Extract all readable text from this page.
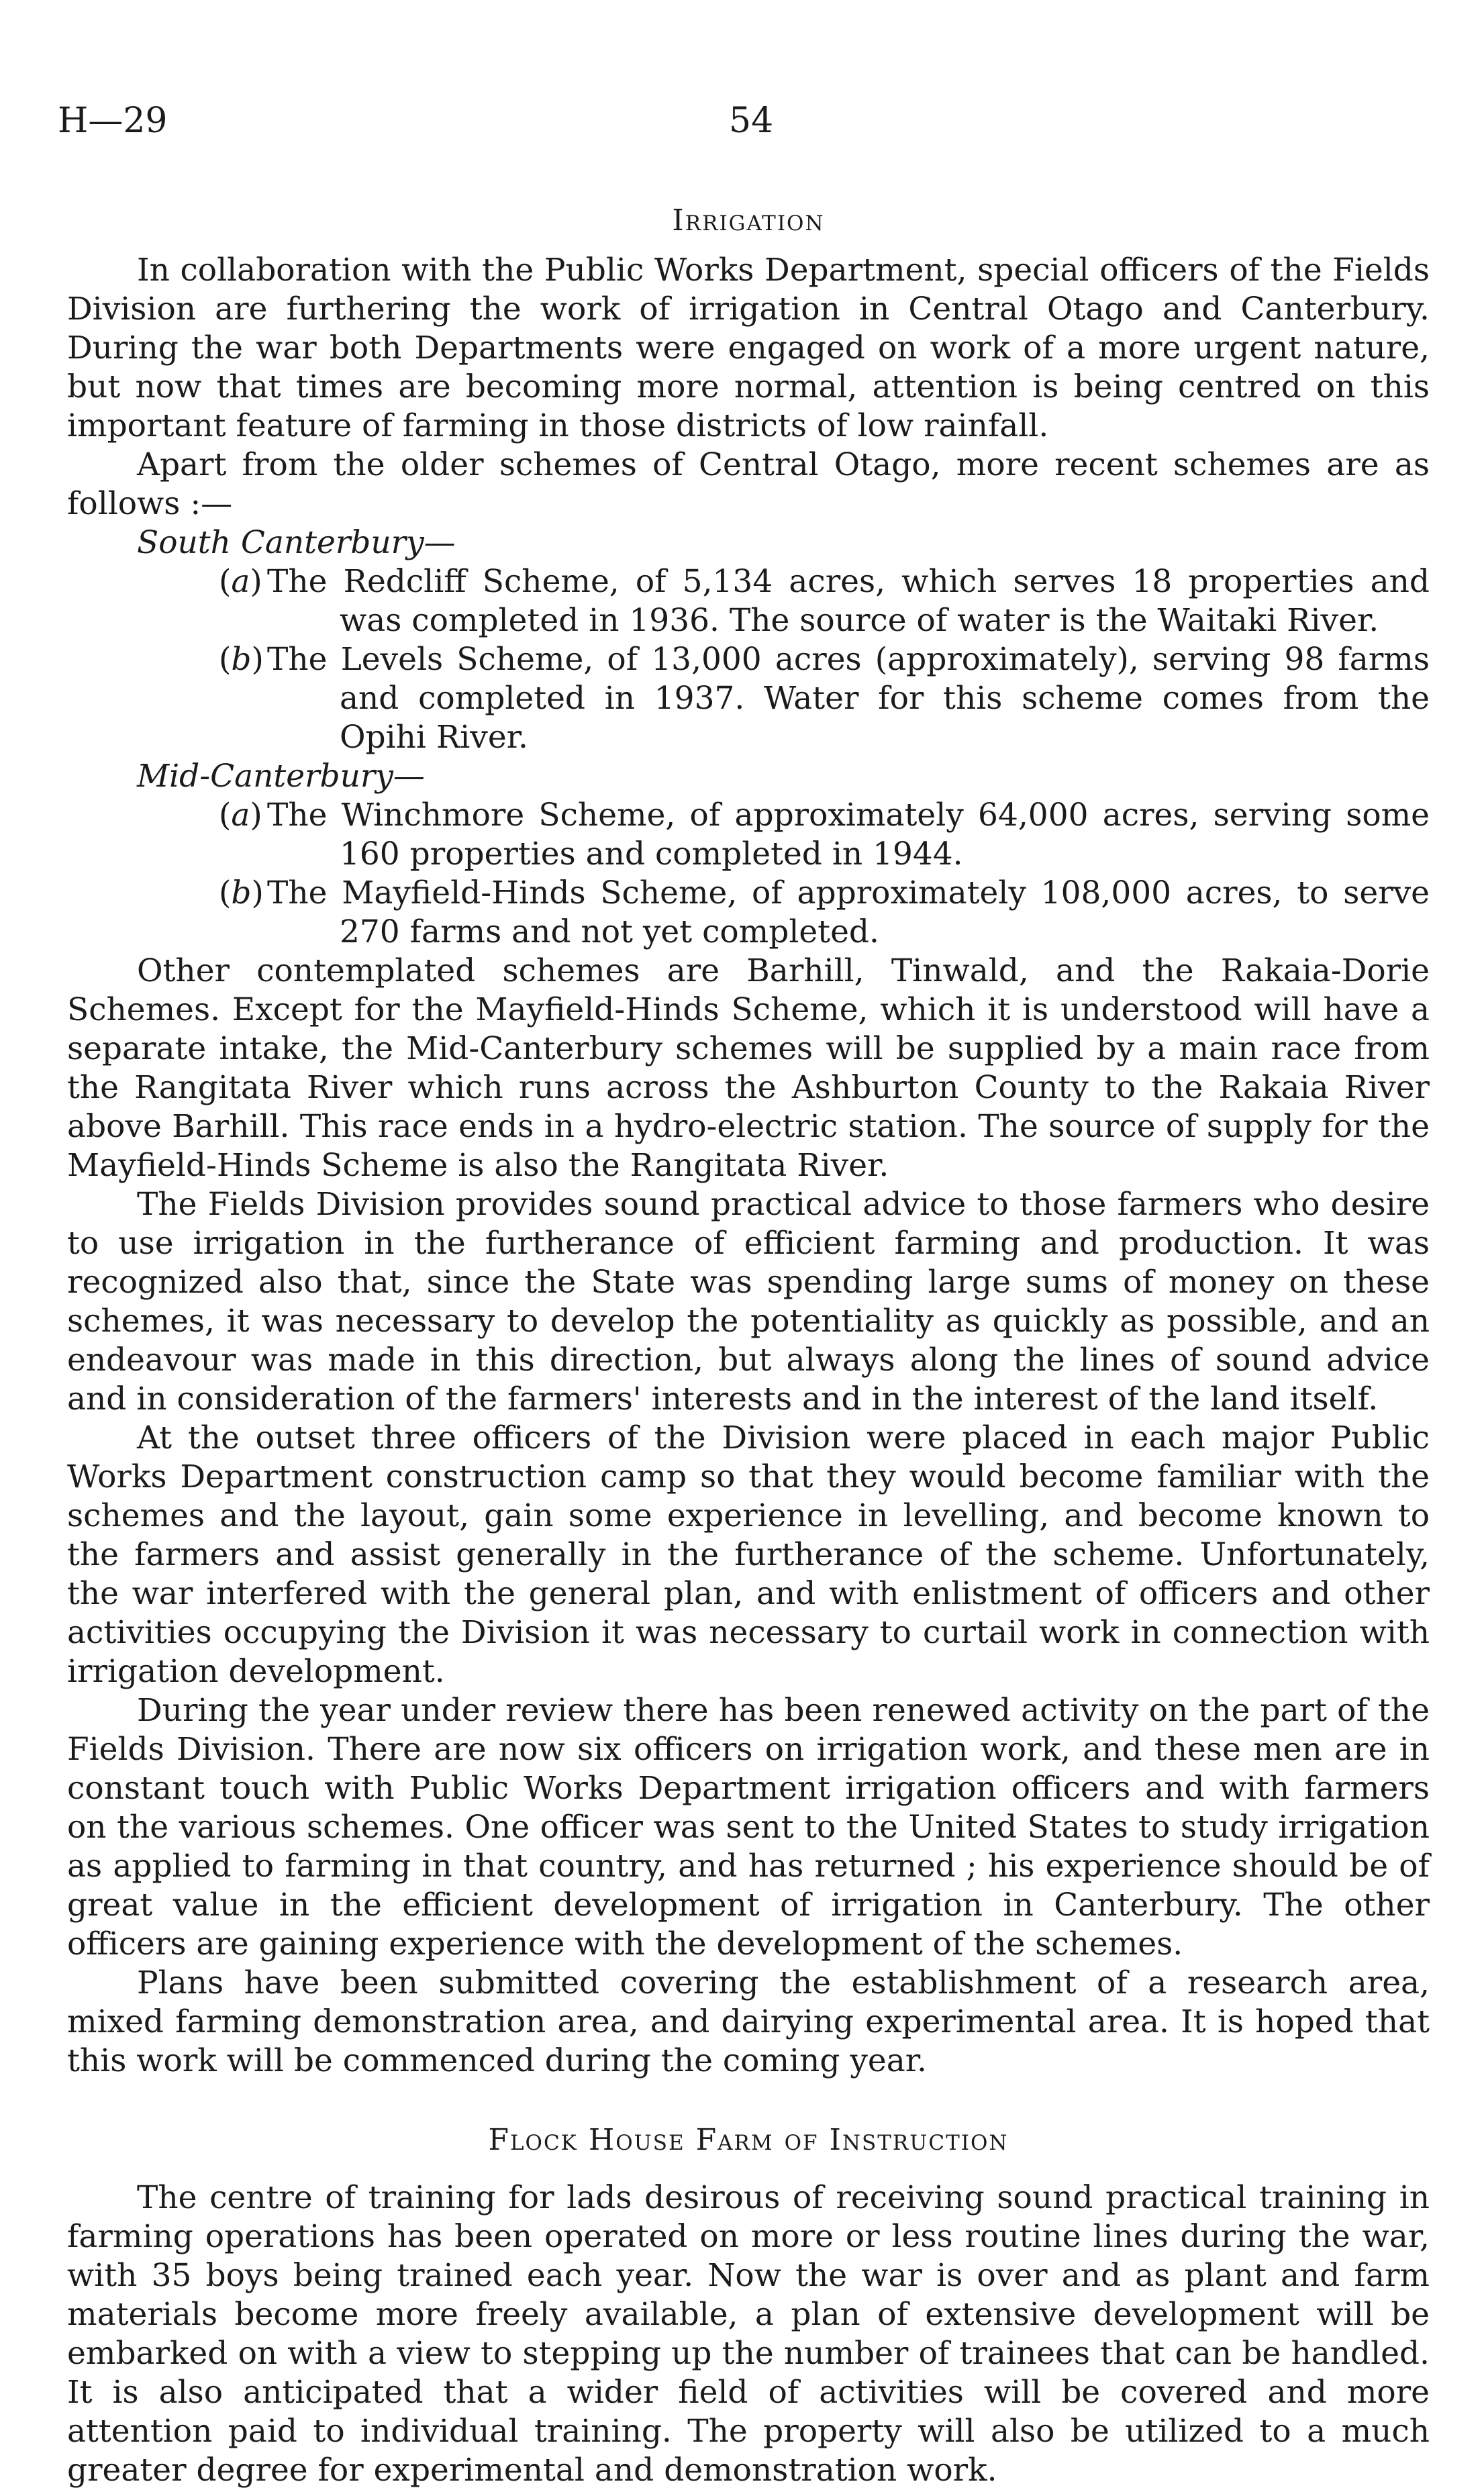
H—29	54
Irrigation

In collaboration with the Public Works Department, special officers of the Fields Division are furthering the work of irrigation in Central Otago and Canterbury. During the war both Departments were engaged on work of a more urgent nature, but now that times are becoming more normal, attention is being centred on this important feature of farming in those districts of low rainfall.

Apart from the older schemes of Central Otago, more recent schemes are as follows :—

South Canterbury—
(a) The Redcliff Scheme, of 5,134 acres, which serves 18 properties and was completed in 1936. The source of water is the Waitaki River.
(b) The Levels Scheme, of 13,000 acres (approximately), serving 98 farms and completed in 1937. Water for this scheme comes from the Opihi River.
Mid-Canterbury—
(a) The Winchmore Scheme, of approximately 64,000 acres, serving some 160 properties and completed in 1944.
(b) The Mayfield-Hinds Scheme, of approximately 108,000 acres, to serve 270 farms and not yet completed.

Other contemplated schemes are Barhill, Tinwald, and the Rakaia-Dorie Schemes. Except for the Mayfield-Hinds Scheme, which it is understood will have a separate intake, the Mid-Canterbury schemes will be supplied by a main race from the Rangitata River which runs across the Ashburton County to the Rakaia River above Barhill. This race ends in a hydro-electric station. The source of supply for the Mayfield-Hinds Scheme is also the Rangitata River.

The Fields Division provides sound practical advice to those farmers who desire to use irrigation in the furtherance of efficient farming and production. It was recognized also that, since the State was spending large sums of money on these schemes, it was necessary to develop the potentiality as quickly as possible, and an endeavour was made in this direction, but always along the lines of sound advice and in consideration of the farmers' interests and in the interest of the land itself.

At the outset three officers of the Division were placed in each major Public Works Department construction camp so that they would become familiar with the schemes and the layout, gain some experience in levelling, and become known to the farmers and assist generally in the furtherance of the scheme. Unfortunately, the war interfered with the general plan, and with enlistment of officers and other activities occupying the Division it was necessary to curtail work in connection with irrigation development.

During the year under review there has been renewed activity on the part of the Fields Division. There are now six officers on irrigation work, and these men are in constant touch with Public Works Department irrigation officers and with farmers on the various schemes. One officer was sent to the United States to study irrigation as applied to farming in that country, and has returned ; his experience should be of great value in the efficient development of irrigation in Canterbury. The other officers are gaining experience with the development of the schemes.

Plans have been submitted covering the establishment of a research area, mixed farming demonstration area, and dairying experimental area. It is hoped that this work will be commenced during the coming year.

Flock House Farm of Instruction

The centre of training for lads desirous of receiving sound practical training in farming operations has been operated on more or less routine lines during the war, with 35 boys being trained each year. Now the war is over and as plant and farm materials become more freely available, a plan of extensive development will be embarked on with a view to stepping up the number of trainees that can be handled. It is also anticipated that a wider field of activities will be covered and more attention paid to individual training. The property will also be utilized to a much greater degree for experimental and demonstration work.
